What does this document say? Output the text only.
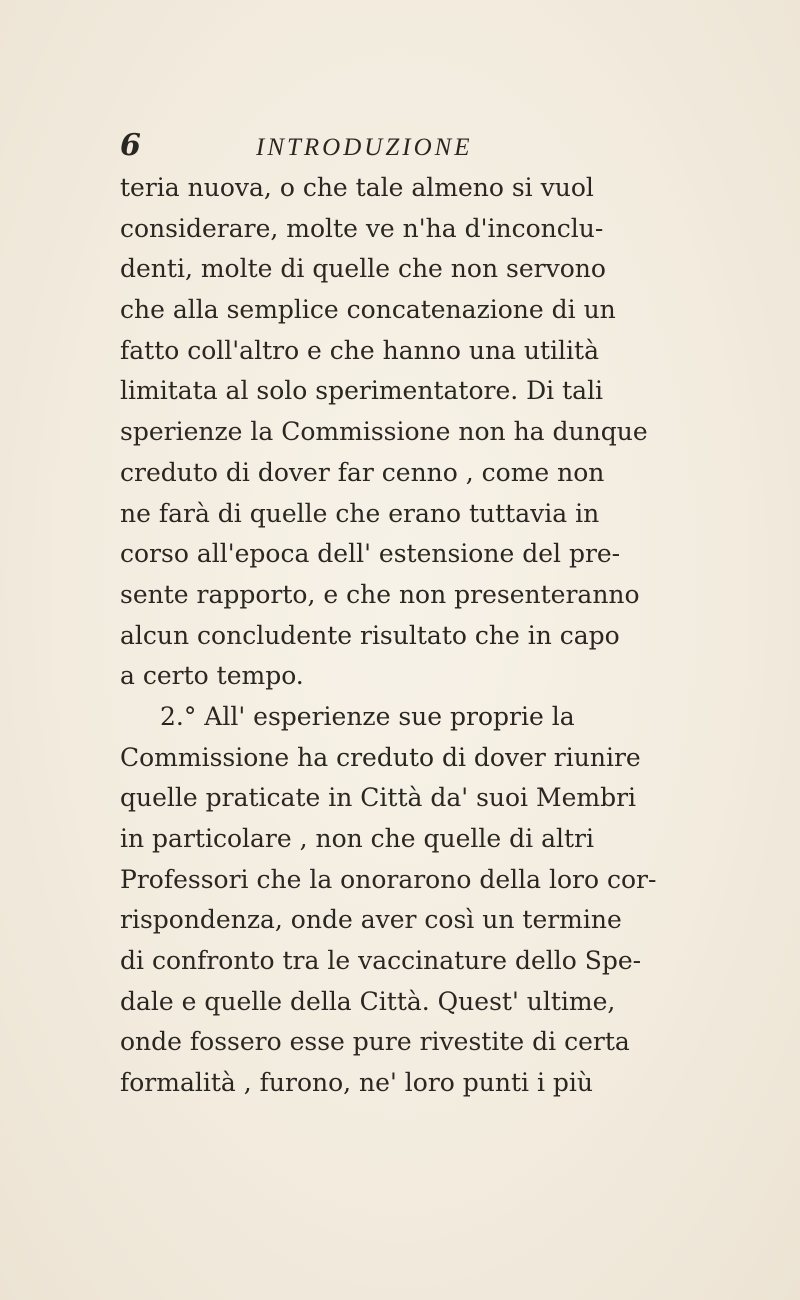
6	INTRODUZIONE
teria nuova, o che tale almeno si vuol
considerare, molte ve n'ha d'inconclu-
denti, molte di quelle che non servono
che alla semplice concatenazione di un
fatto coll'altro e che hanno una utilità
limitata al solo sperimentatore. Di tali
sperienze la Commissione non ha dunque
creduto di dover far cenno , come non
ne farà di quelle che erano tuttavia in
corso all'epoca dell' estensione del pre-
sente rapporto, e che non presenteranno
alcun concludente risultato che in capo
a certo tempo.
2.° All' esperienze sue proprie la
Commissione ha creduto di dover riunire
quelle praticate in Città da' suoi Membri
in particolare , non che quelle di altri
Professori che la onorarono della loro cor-
rispondenza, onde aver così un termine
di confronto tra le vaccinature dello Spe-
dale e quelle della Città. Quest' ultime,
onde fossero esse pure rivestite di certa
formalità , furono, ne' loro punti i più
